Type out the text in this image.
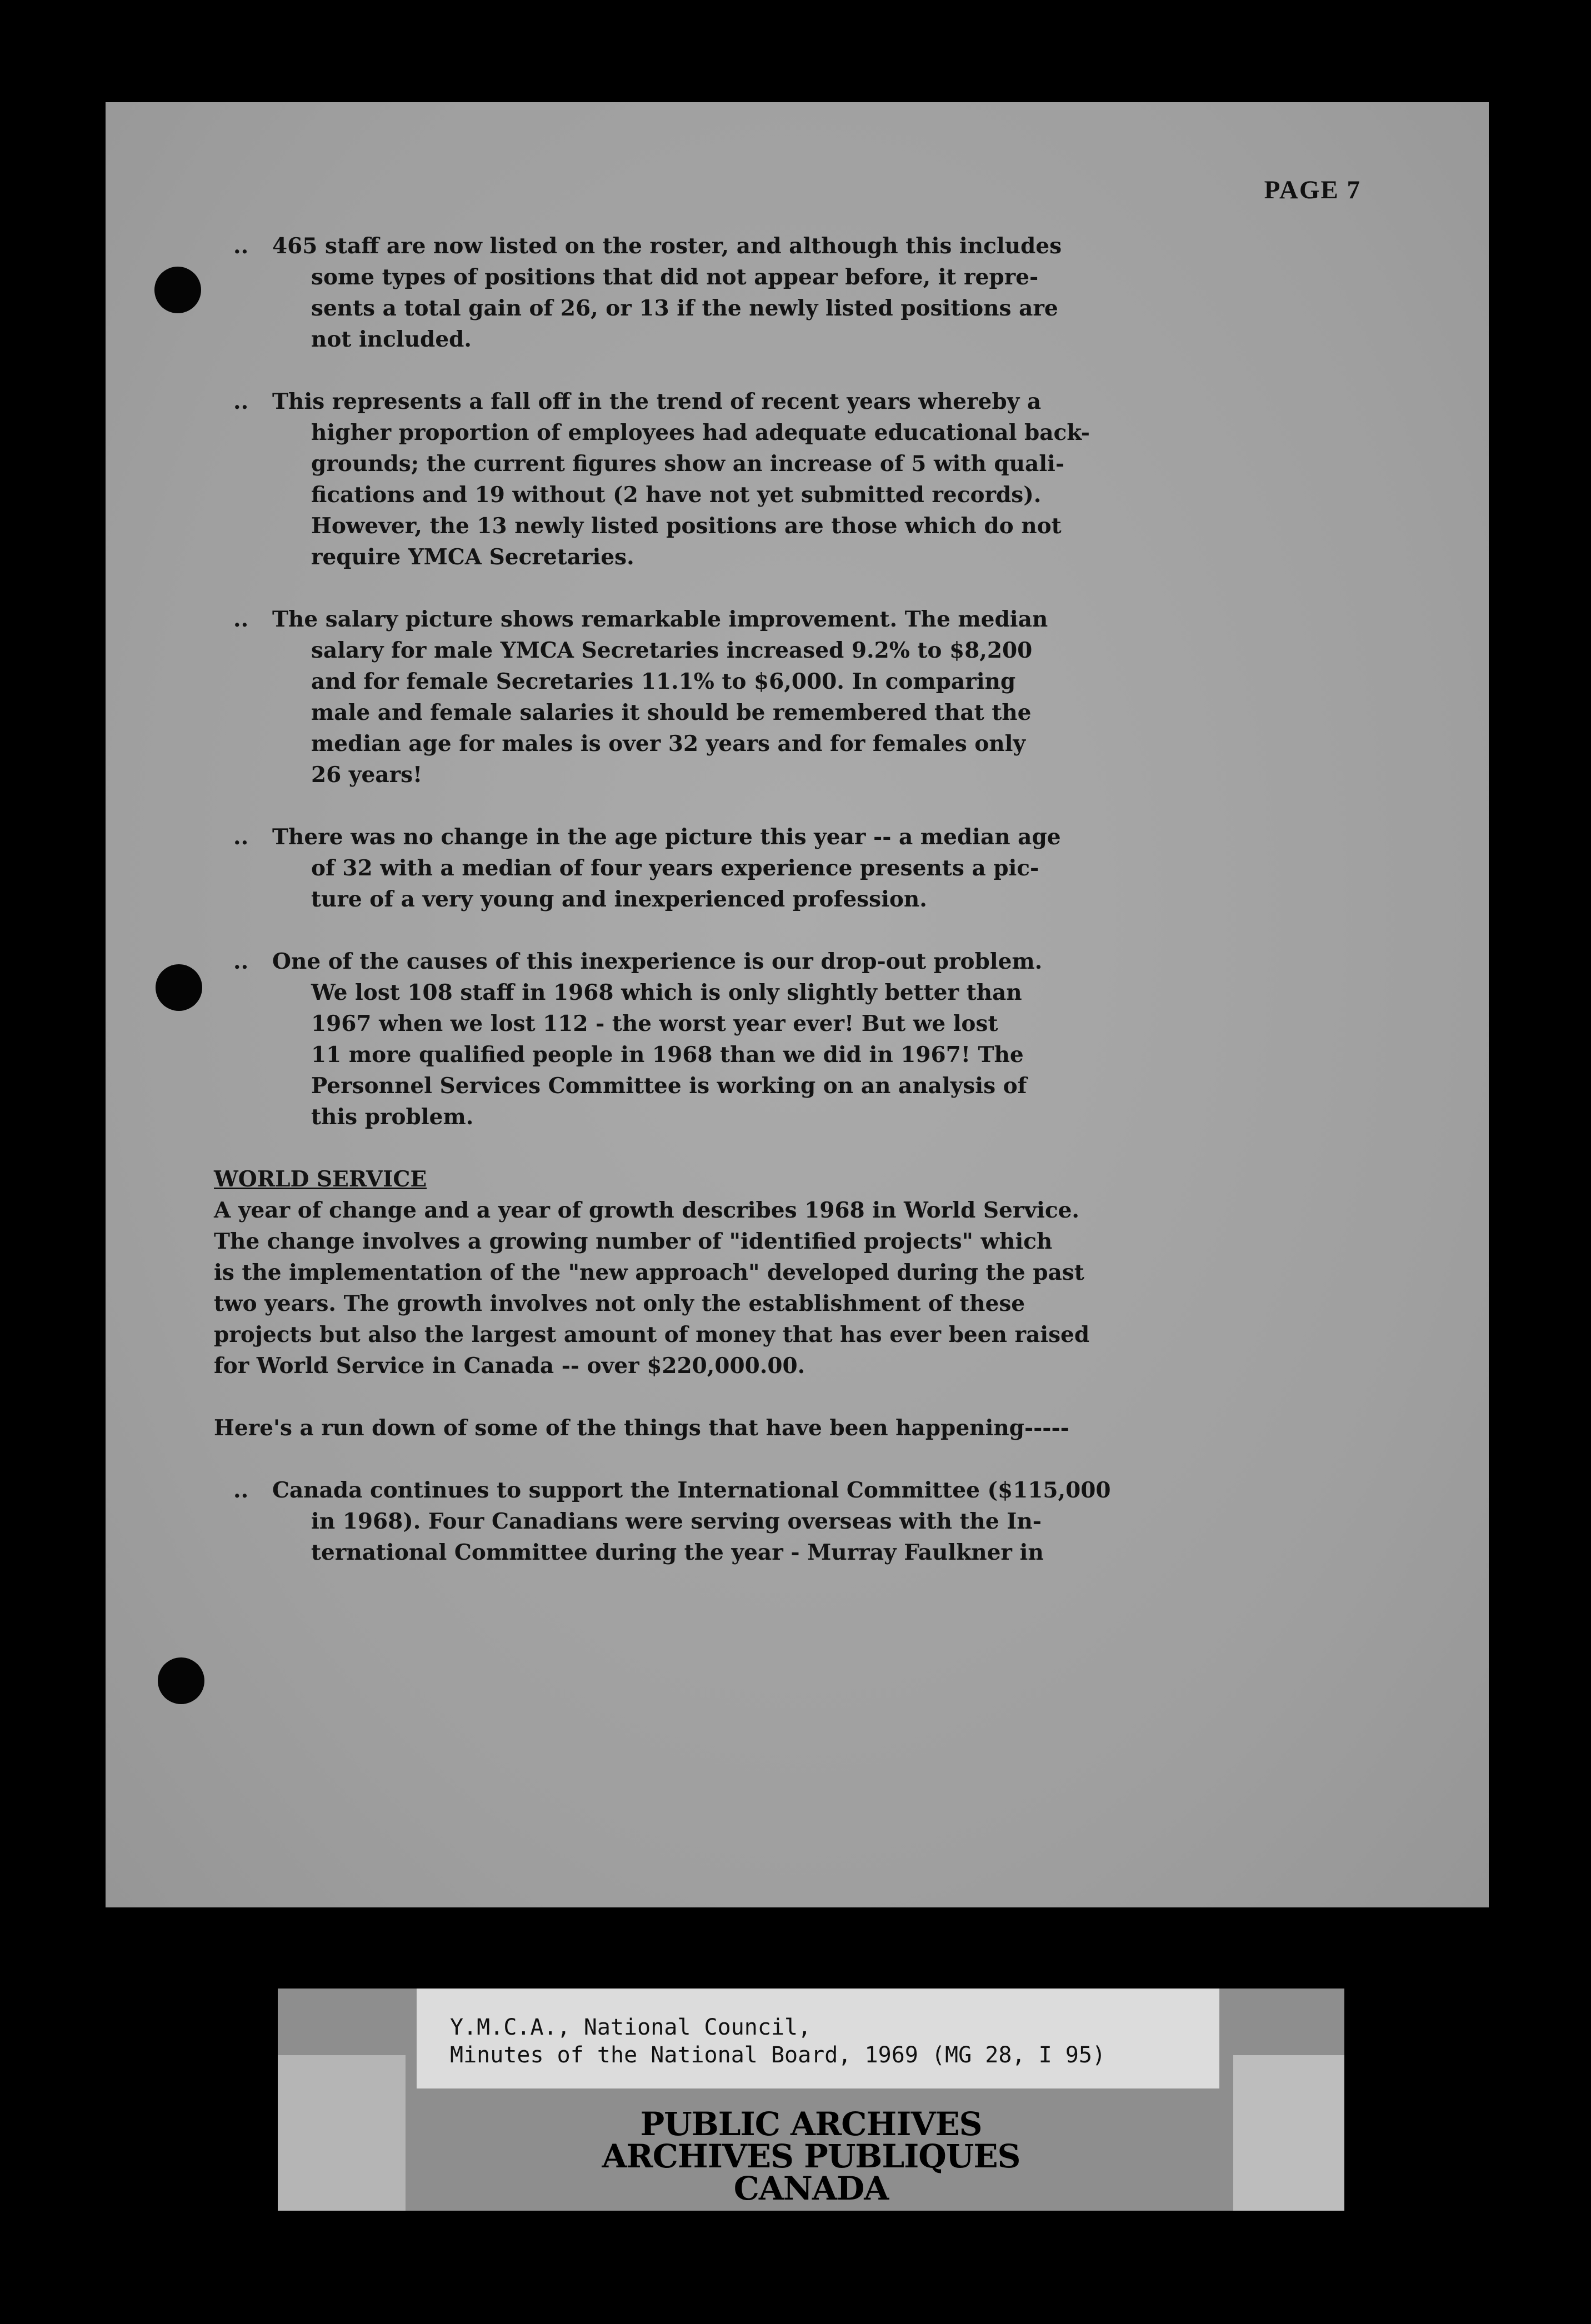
PAGE 7
..	465 staff are now listed on the roster, and although this includes
some types of positions that did not appear before, it repre-
sents a total gain of 26, or 13 if the newly listed positions are
not included.
..	This represents a fall off in the trend of recent years whereby a
higher proportion of employees had adequate educational back-
grounds; the current figures show an increase of 5 with quali-
fications and 19 without (2 have not yet submitted records).
However, the 13 newly listed positions are those which do not
require YMCA Secretaries.
..	The salary picture shows remarkable improvement. The median
salary for male YMCA Secretaries increased 9.2% to $8,200
and for female Secretaries 11.1% to $6,000. In comparing
male and female salaries it should be remembered that the
median age for males is over 32 years and for females only
26 years!
..	There was no change in the age picture this year -- a median age
of 32 with a median of four years experience presents a pic-
ture of a very young and inexperienced profession.
..	One of the causes of this inexperience is our drop-out problem.
We lost 108 staff in 1968 which is only slightly better than
1967 when we lost 112 - the worst year ever! But we lost
11 more qualified people in 1968 than we did in 1967! The
Personnel Services Committee is working on an analysis of
this problem.
WORLD SERVICE
A year of change and a year of growth describes 1968 in World Service.
The change involves a growing number of "identified projects" which
is the implementation of the "new approach" developed during the past
two years. The growth involves not only the establishment of these
projects but also the largest amount of money that has ever been raised
for World Service in Canada -- over $220,000.00.
Here's a run down of some of the things that have been happening-----
..	Canada continues to support the International Committee ($115,000
in 1968). Four Canadians were serving overseas with the In-
ternational Committee during the year - Murray Faulkner in
Y.M.C.A., National Council,
Minutes of the National Board, 1969 (MG 28, I 95)
PUBLIC ARCHIVES
ARCHIVES PUBLIQUES
CANADA
